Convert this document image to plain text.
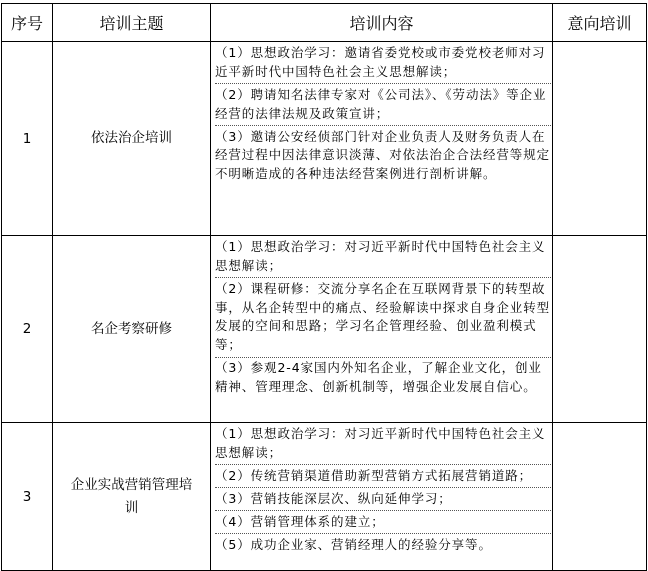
序号	培训主题	培训内容	意向培训
1	依法治企培训	（1）思想政治学习：邀请省委党校或市委党校老师对习近平新时代中国特色社会主义思想解读；

（2）聘请知名法律专家对《公司法》、《劳动法》等企业经营的法律法规及政策宣讲；

（3）邀请公安经侦部门针对企业负责人及财务负责人在经营过程中因法律意识淡薄、对依法治企合法经营等规定不明晰造成的各种违法经营案例进行剖析讲解。	

2	名企考察研修	（1）思想政治学习：对习近平新时代中国特色社会主义思想解读；

（2）课程研修：交流分享名企在互联网背景下的转型故事，从名企转型中的痛点、经验解读中探求自身企业转型发展的空间和思路；学习名企管理经验、创业盈利模式等；

（3）参观2-4家国内外知名企业，了解企业文化，创业精神、管理理念、创新机制等，增强企业发展自信心。	

3	企业实战营销管理培训	（1）思想政治学习：对习近平新时代中国特色社会主义思想解读；

（2）传统营销渠道借助新型营销方式拓展营销道路；

（3）营销技能深层次、纵向延伸学习；

（4）营销管理体系的建立；

（5）成功企业家、营销经理人的经验分享等。	
